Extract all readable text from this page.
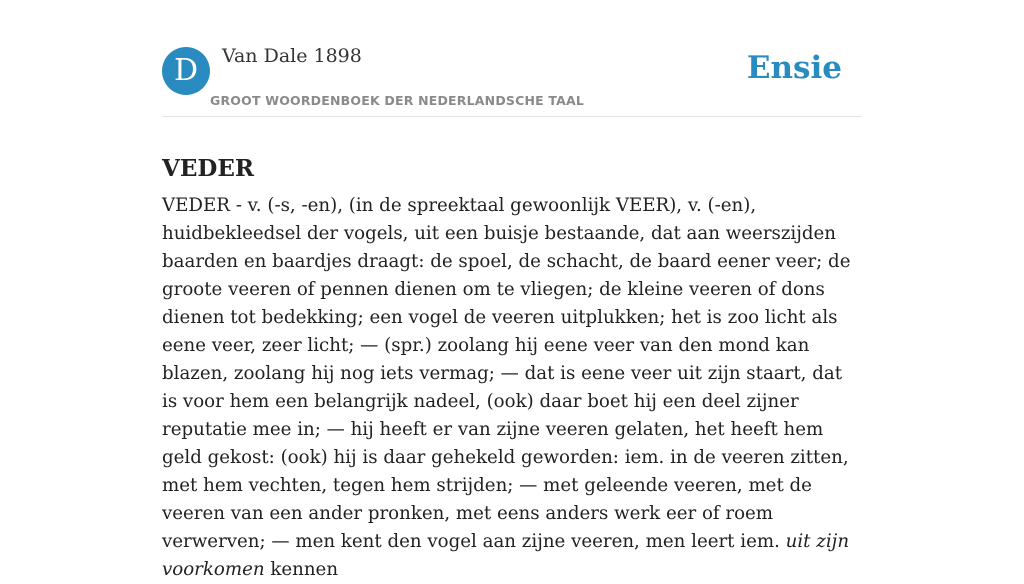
D	Van Dale 1898
GROOT WOORDENBOEK DER NEDERLANDSCHE TAAL
Ensie
VEDER

VEDER - v. (-s, -en), (in de spreektaal gewoonlijk VEER), v. (-en), huidbekleedsel der vogels, uit een buisje bestaande, dat aan weerszijden baarden en baardjes draagt: de spoel, de schacht, de baard eener veer; de groote veeren of pennen dienen om te vliegen; de kleine veeren of dons dienen tot bedekking; een vogel de veeren uitplukken; het is zoo licht als eene veer, zeer licht; — (spr.) zoolang hij eene veer van den mond kan blazen, zoolang hij nog iets vermag; — dat is eene veer uit zijn staart, dat is voor hem een belangrijk nadeel, (ook) daar boet hij een deel zijner reputatie mee in; — hij heeft er van zijne veeren gelaten, het heeft hem geld gekost: (ook) hij is daar gehekeld geworden: iem. in de veeren zitten, met hem vechten, tegen hem strijden; — met geleende veeren, met de veeren van een ander pronken, met eens anders werk eer of roem verwerven; — men kent den vogel aan zijne veeren, men leert iem. uit zijn voorkomen kennen
